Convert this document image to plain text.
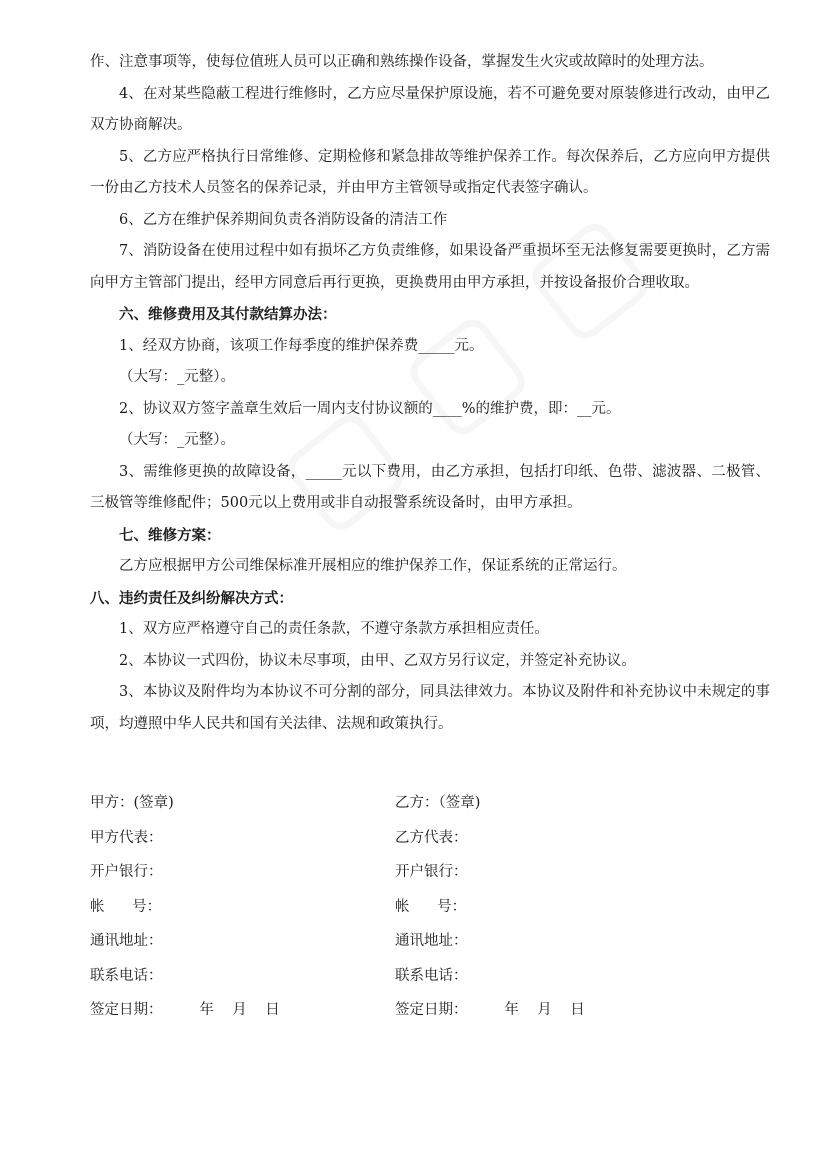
作、注意事项等，使每位值班人员可以正确和熟练操作设备，掌握发生火灾或故障时的处理方法。

4、在对某些隐蔽工程进行维修时，乙方应尽量保护原设施，若不可避免要对原装修进行改动，由甲乙双方协商解决。

5、乙方应严格执行日常维修、定期检修和紧急排故等维护保养工作。每次保养后，乙方应向甲方提供一份由乙方技术人员签名的保养记录，并由甲方主管领导或指定代表签字确认。

6、乙方在维护保养期间负责各消防设备的清洁工作

7、消防设备在使用过程中如有损坏乙方负责维修，如果设备严重损坏至无法修复需要更换时，乙方需向甲方主管部门提出，经甲方同意后再行更换，更换费用由甲方承担，并按设备报价合理收取。

六、维修费用及其付款结算办法：

1、经双方协商，该项工作每季度的维护保养费_____元。

（大写：_元整）。

2、协议双方签字盖章生效后一周内支付协议额的____%的维护费，即：__元。

（大写：_元整）。

3、需维修更换的故障设备，_____元以下费用，由乙方承担，包括打印纸、色带、滤波器、二极管、三极管等维修配件；500元以上费用或非自动报警系统设备时，由甲方承担。

七、维修方案：

乙方应根据甲方公司维保标准开展相应的维护保养工作，保证系统的正常运行。

八、违约责任及纠纷解决方式：

1、双方应严格遵守自己的责任条款，不遵守条款方承担相应责任。

2、本协议一式四份，协议未尽事项，由甲、乙双方另行议定，并签定补充协议。

3、本协议及附件均为本协议不可分割的部分，同具法律效力。本协议及附件和补充协议中未规定的事项，均遵照中华人民共和国有关法律、法规和政策执行。

甲方：(签章)	乙方：（签章)
甲方代表：	乙方代表：
开户银行：	开户银行：
帐      号：	帐      号：
通讯地址：	通讯地址：
联系电话：	联系电话：
签定日期：        年    月    日	签定日期：        年    月    日
